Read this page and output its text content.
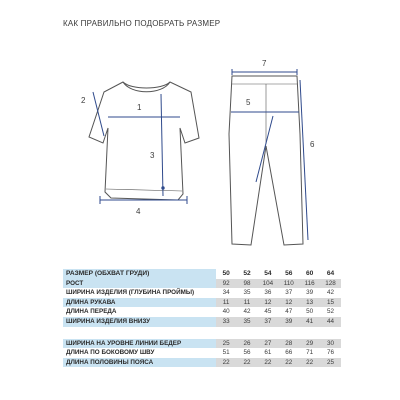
КАК ПРАВИЛЬНО ПОДОБРАТЬ РАЗМЕР
1
2
3
4
7
5
6
РАЗМЕР (ОБХВАТ ГРУДИ)	50	52	54	56	60	64
РОСТ	92	98	104	110	116	128
ШИРИНА ИЗДЕЛИЯ (ГЛУБИНА ПРОЙМЫ)	34	35	36	37	39	42
ДЛИНА РУКАВА	11	11	12	12	13	15
ДЛИНА ПЕРЕДА	40	42	45	47	50	52
ШИРИНА ИЗДЕЛИЯ ВНИЗУ	33	35	37	39	41	44

ШИРИНА НА УРОВНЕ ЛИНИИ БЕДЕР	25	26	27	28	29	30
ДЛИНА ПО БОКОВОМУ ШВУ	51	56	61	66	71	76
ДЛИНА ПОЛОВИНЫ ПОЯСА	22	22	22	22	22	25
